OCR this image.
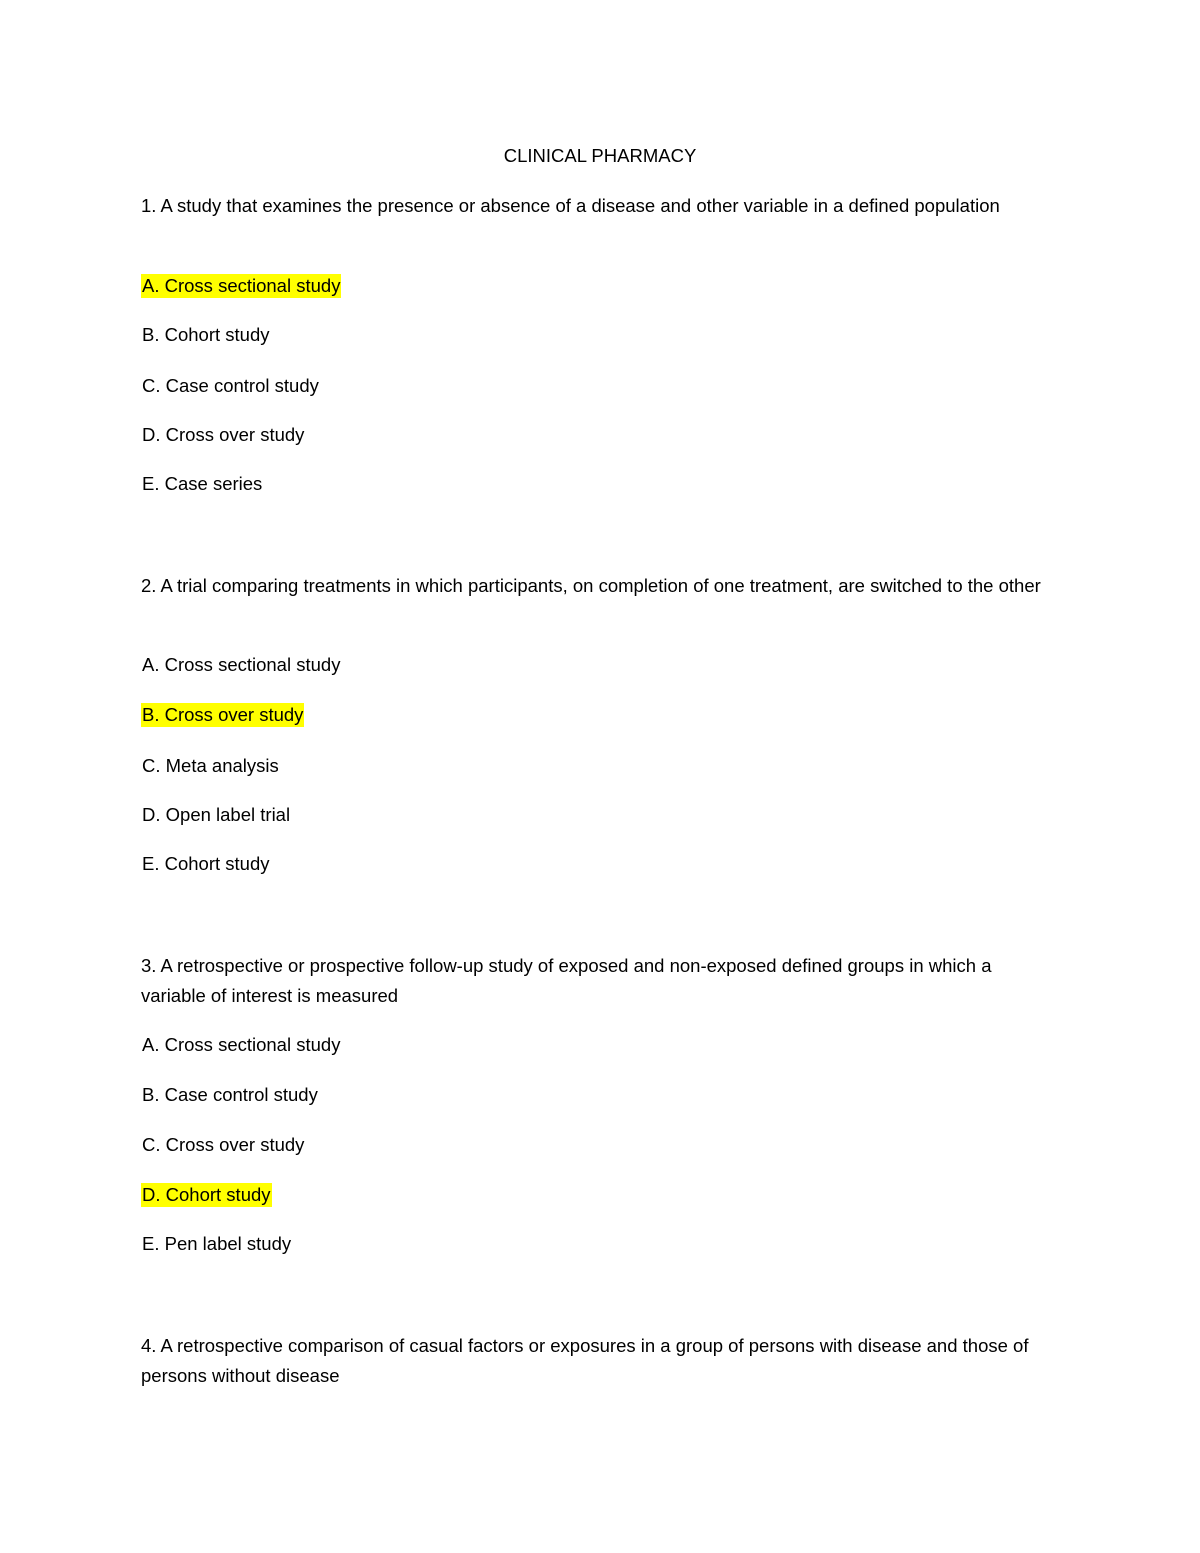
CLINICAL PHARMACY
1. A study that examines the presence or absence of a disease and other variable in a defined population
A. Cross sectional study
B. Cohort study
C. Case control study
D. Cross over study
E. Case series
2. A trial comparing treatments in which participants, on completion of one treatment, are switched to the other
A. Cross sectional study
B. Cross over study
C. Meta analysis
D. Open label trial
E. Cohort study
3. A retrospective or prospective follow-up study of exposed and non-exposed defined groups in which a variable of interest is measured
A. Cross sectional study
B. Case control study
C. Cross over study
D. Cohort study
E. Pen label study
4. A retrospective comparison of casual factors or exposures in a group of persons with disease and those of persons without disease
